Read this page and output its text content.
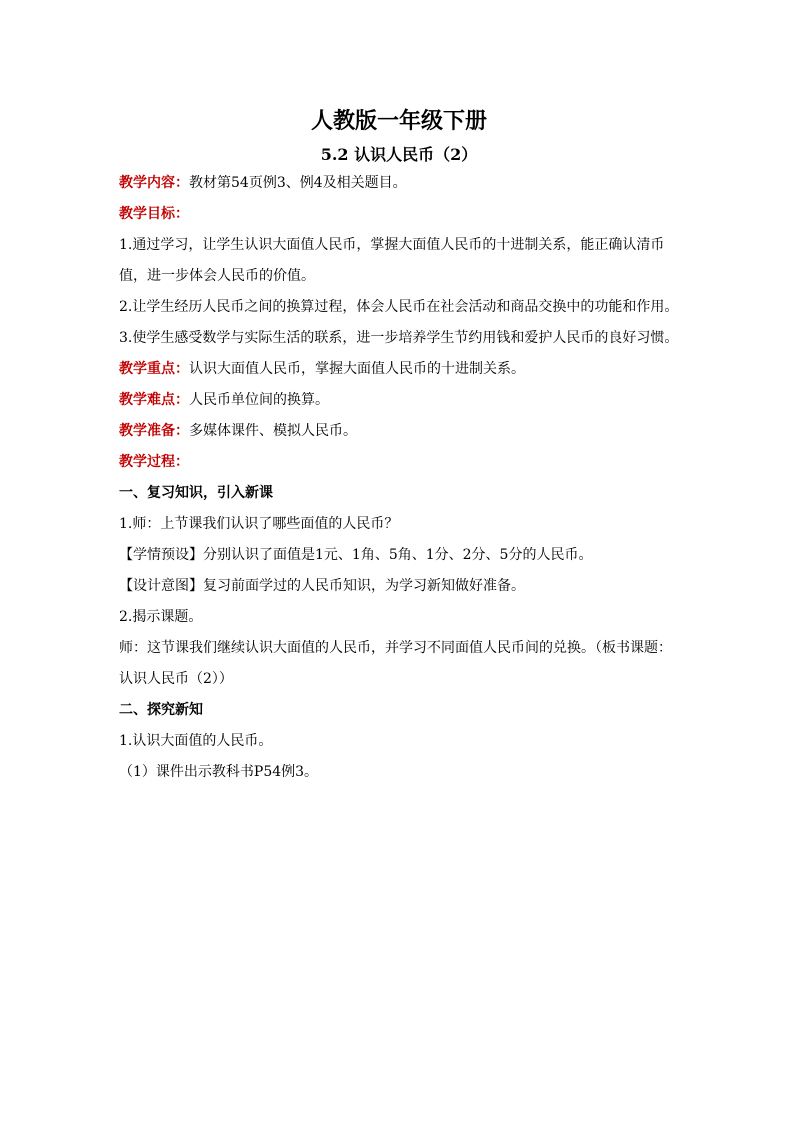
人教版一年级下册
5.2 认识人民币（2）

教学内容：教材第54页例3、例4及相关题目。

教学目标：

1.通过学习，让学生认识大面值人民币，掌握大面值人民币的十进制关系，能正确认清币值，进一步体会人民币的价值。

2.让学生经历人民币之间的换算过程，体会人民币在社会活动和商品交换中的功能和作用。

3.使学生感受数学与实际生活的联系，进一步培养学生节约用钱和爱护人民币的良好习惯。

教学重点：认识大面值人民币，掌握大面值人民币的十进制关系。

教学难点：人民币单位间的换算。

教学准备：多媒体课件、模拟人民币。

教学过程：

一、复习知识，引入新课

1.师：上节课我们认识了哪些面值的人民币？

【学情预设】分别认识了面值是1元、1角、5角、1分、2分、5分的人民币。

【设计意图】复习前面学过的人民币知识，为学习新知做好准备。

2.揭示课题。

师：这节课我们继续认识大面值的人民币，并学习不同面值人民币间的兑换。（板书课题：认识人民币（2））

二、探究新知

1.认识大面值的人民币。

（1）课件出示教科书P54例3。
